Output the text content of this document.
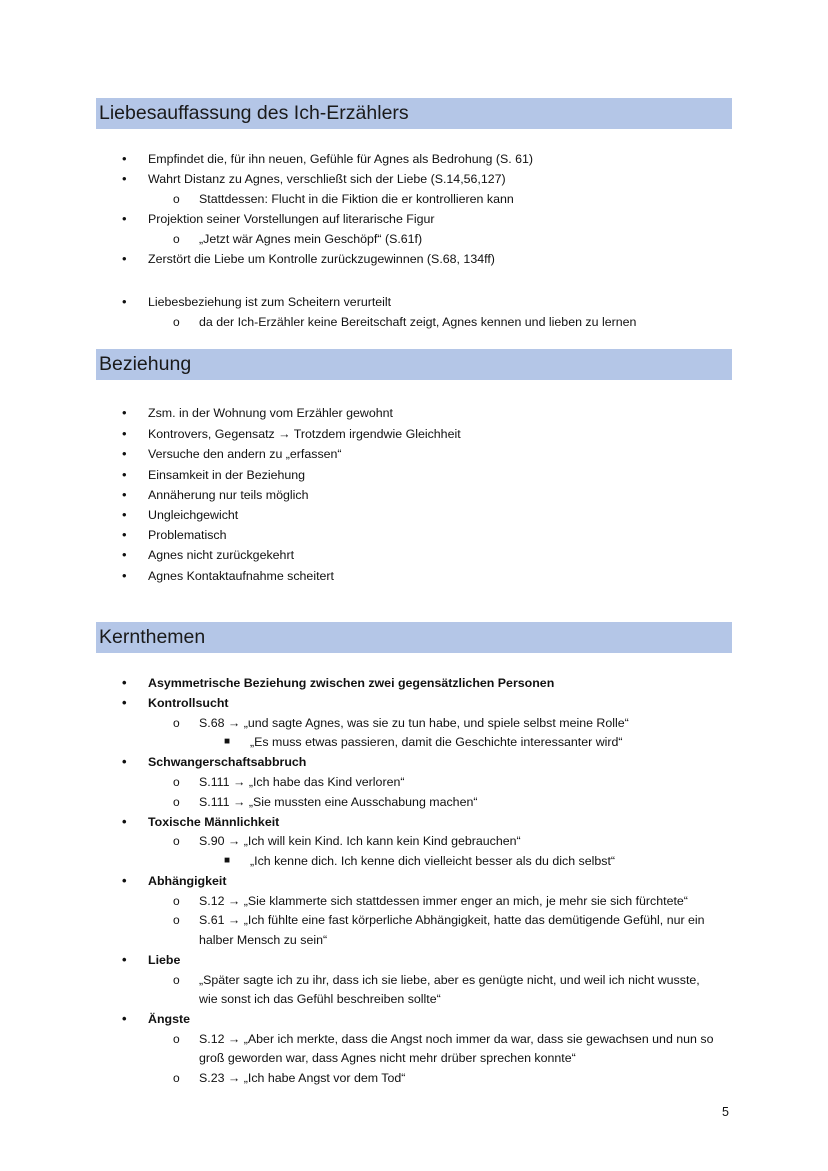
Liebesauffassung des Ich-Erzählers
• Empfindet die, für ihn neuen, Gefühle für Agnes als Bedrohung (S. 61)
• Wahrt Distanz zu Agnes, verschließt sich der Liebe (S.14,56,127)
o Stattdessen: Flucht in die Fiktion die er kontrollieren kann
• Projektion seiner Vorstellungen auf literarische Figur
o „Jetzt wär Agnes mein Geschöpf“ (S.61f)
• Zerstört die Liebe um Kontrolle zurückzugewinnen (S.68, 134ff)
• Liebesbeziehung ist zum Scheitern verurteilt
o da der Ich-Erzähler keine Bereitschaft zeigt, Agnes kennen und lieben zu lernen
Beziehung
• Zsm. in der Wohnung vom Erzähler gewohnt
• Kontrovers, Gegensatz → Trotzdem irgendwie Gleichheit
• Versuche den andern zu „erfassen“
• Einsamkeit in der Beziehung
• Annäherung nur teils möglich
• Ungleichgewicht
• Problematisch
• Agnes nicht zurückgekehrt
• Agnes Kontaktaufnahme scheitert
Kernthemen
• Asymmetrische Beziehung zwischen zwei gegensätzlichen Personen
• Kontrollsucht
o S.68 → „und sagte Agnes, was sie zu tun habe, und spiele selbst meine Rolle“
■ „Es muss etwas passieren, damit die Geschichte interessanter wird“
• Schwangerschaftsabbruch
o S.111 → „Ich habe das Kind verloren“
o S.111 → „Sie mussten eine Ausschabung machen“
• Toxische Männlichkeit
o S.90 → „Ich will kein Kind. Ich kann kein Kind gebrauchen“
■ „Ich kenne dich. Ich kenne dich vielleicht besser als du dich selbst“
• Abhängigkeit
o S.12 → „Sie klammerte sich stattdessen immer enger an mich, je mehr sie sich fürchtete“
o S.61 → „Ich fühlte eine fast körperliche Abhängigkeit, hatte das demütigende Gefühl, nur ein
halber Mensch zu sein“
• Liebe
o „Später sagte ich zu ihr, dass ich sie liebe, aber es genügte nicht, und weil ich nicht wusste,
wie sonst ich das Gefühl beschreiben sollte“
• Ängste
o S.12 → „Aber ich merkte, dass die Angst noch immer da war, dass sie gewachsen und nun so
groß geworden war, dass Agnes nicht mehr drüber sprechen konnte“
o S.23 → „Ich habe Angst vor dem Tod“
5
